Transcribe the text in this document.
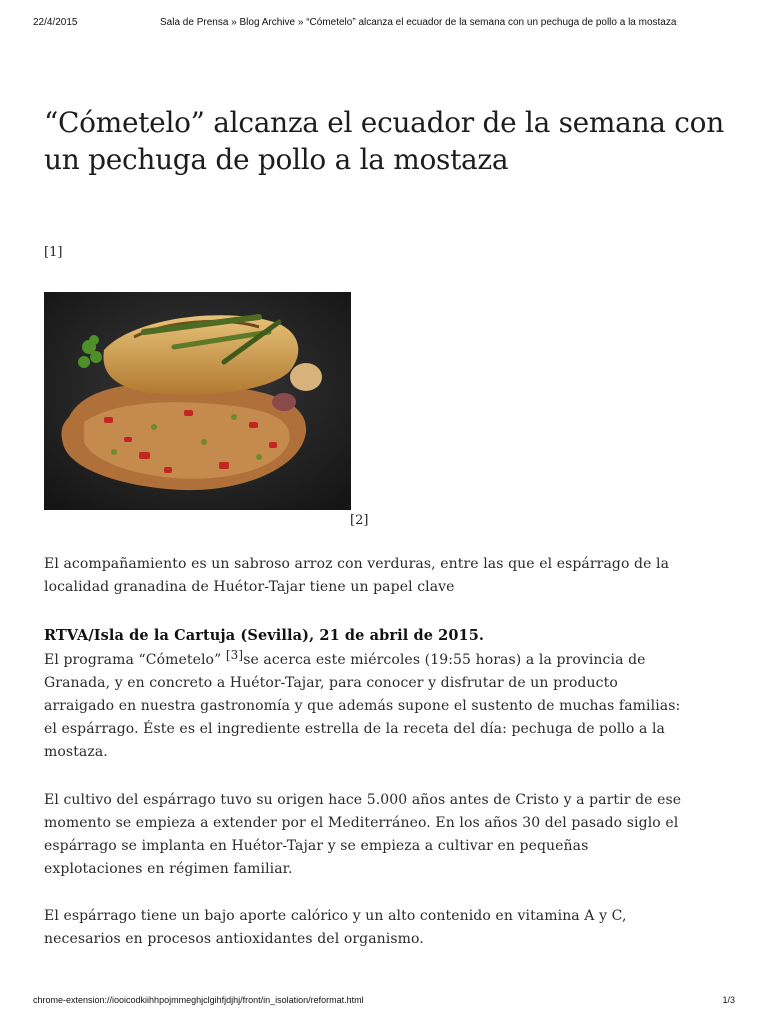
22/4/2015	Sala de Prensa » Blog Archive » “Cómetelo” alcanza el ecuador de la semana con un pechuga de pollo a la mostaza
“Cómetelo” alcanza el ecuador de la semana con un pechuga de pollo a la mostaza
[1]
[2]

El acompañamiento es un sabroso arroz con verduras, entre las que el espárrago de la localidad granadina de Huétor-Tajar tiene un papel clave

RTVA/Isla de la Cartuja (Sevilla), 21 de abril de 2015.

El programa “Cómetelo” [3]se acerca este miércoles (19:55 horas) a la provincia de Granada, y en concreto a Huétor-Tajar, para conocer y disfrutar de un producto arraigado en nuestra gastronomía y que además supone el sustento de muchas familias: el espárrago. Éste es el ingrediente estrella de la receta del día: pechuga de pollo a la mostaza.

El cultivo del espárrago tuvo su origen hace 5.000 años antes de Cristo y a partir de ese momento se empieza a extender por el Mediterráneo. En los años 30 del pasado siglo el espárrago se implanta en Huétor-Tajar y se empieza a cultivar en pequeñas explotaciones en régimen familiar.

El espárrago tiene un bajo aporte calórico y un alto contenido en vitamina A y C, necesarios en procesos antioxidantes del organismo.

chrome-extension://iooicodkiihhpojmmeghjclgihfjdjhj/front/in_isolation/reformat.html	1/3
